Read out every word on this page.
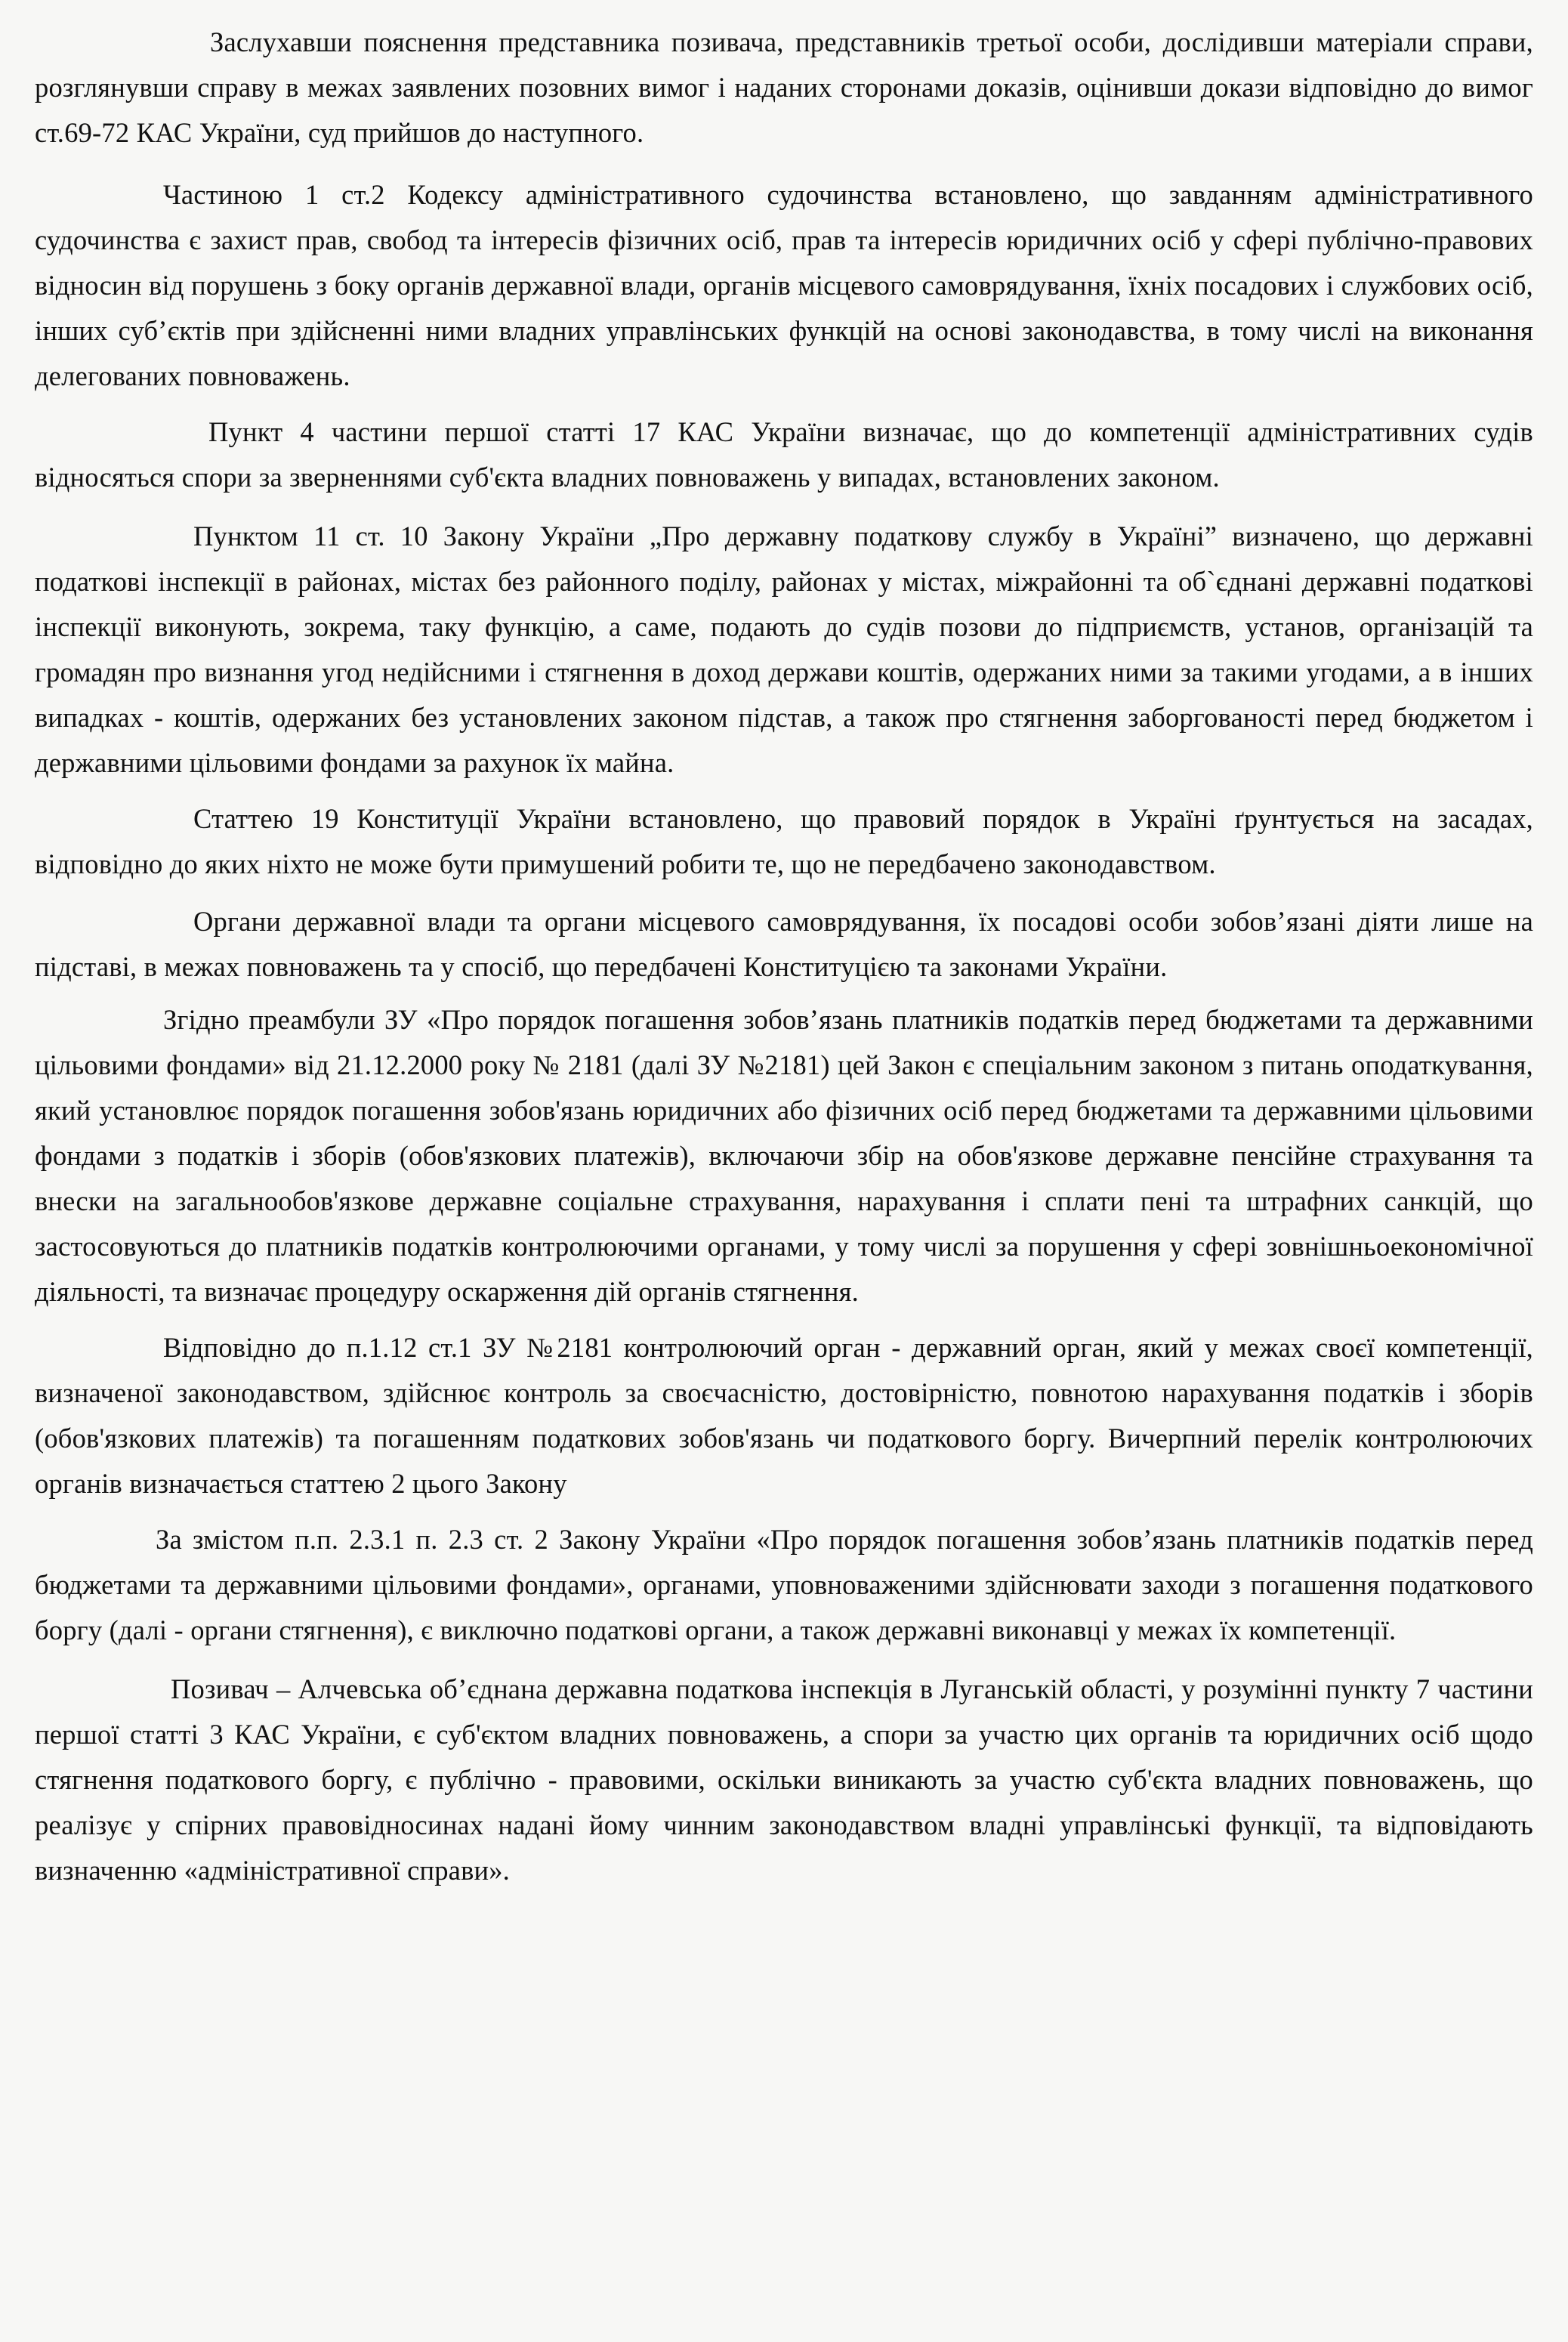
Заслухавши пояснення представника позивача, представників третьої особи, дослідивши матеріали справи, розглянувши справу в межах заявлених позовних вимог і наданих сторонами доказів, оцінивши докази відповідно до вимог ст.69-72 КАС України, суд прийшов до наступного.

Частиною 1 ст.2 Кодексу адміністративного судочинства встановлено, що завданням адміністративного судочинства є захист прав, свобод та інтересів фізичних осіб, прав та інтересів юридичних осіб у сфері публічно-правових відносин від порушень з боку органів державної влади, органів місцевого самоврядування, їхніх посадових і службових осіб, інших суб’єктів при здійсненні ними владних управлінських функцій на основі законодавства, в тому числі на виконання делегованих повноважень.

Пункт 4 частини першої статті 17 КАС України визначає, що до компетенції адміністративних судів відносяться спори за зверненнями суб'єкта владних повноважень у випадах, встановлених законом.

Пунктом 11 ст. 10 Закону України „Про державну податкову службу в Україні” визначено, що державні податкові інспекції в районах, містах без районного поділу, районах у містах, міжрайонні та об`єднані державні податкові інспекції виконують, зокрема, таку функцію, а саме, подають до судів позови до підприємств, установ, організацій та громадян про визнання угод недійсними і стягнення в доход держави коштів, одержаних ними за такими угодами, а в інших випадках - коштів, одержаних без установлених законом підстав, а також про стягнення заборгованості перед бюджетом і державними цільовими фондами за рахунок їх майна.

Статтею 19 Конституції України встановлено, що правовий порядок в Україні ґрунтується на засадах, відповідно до яких ніхто не може бути примушений робити те, що не передбачено законодавством.

Органи державної влади та органи місцевого самоврядування, їх посадові особи зобов’язані діяти лише на підставі, в межах повноважень та у спосіб, що передбачені Конституцією та законами України.

Згідно преамбули ЗУ «Про порядок погашення зобов’язань платників податків перед бюджетами та державними цільовими фондами» від 21.12.2000 року № 2181 (далі ЗУ №2181) цей Закон є спеціальним законом з питань оподаткування, який установлює порядок погашення зобов'язань юридичних або фізичних осіб перед бюджетами та державними цільовими фондами з податків і зборів (обов'язкових платежів), включаючи збір на обов'язкове державне пенсійне страхування та внески на загальнообов'язкове державне соціальне страхування, нарахування і сплати пені та штрафних санкцій, що застосовуються до платників податків контролюючими органами, у тому числі за порушення у сфері зовнішньоекономічної діяльності, та визначає процедуру оскарження дій органів стягнення.

Відповідно до п.1.12 ст.1 ЗУ №2181 контролюючий орган - державний орган, який у межах своєї компетенції, визначеної законодавством, здійснює контроль за своєчасністю, достовірністю, повнотою нарахування податків і зборів (обов'язкових платежів) та погашенням податкових зобов'язань чи податкового боргу. Вичерпний перелік контролюючих органів визначається статтею 2 цього Закону

За змістом п.п. 2.3.1 п. 2.3 ст. 2 Закону України «Про порядок погашення зобов’язань платників податків перед бюджетами та державними цільовими фондами», органами, уповноваженими здійснювати заходи з погашення податкового боргу (далі - органи стягнення), є виключно податкові органи, а також державні виконавці у межах їх компетенції.

Позивач – Алчевська об’єднана державна податкова інспекція в Луганській області, у розумінні пункту 7 частини першої статті 3 КАС України, є суб'єктом владних повноважень, а спори за участю цих органів та юридичних осіб щодо стягнення податкового боргу, є публічно - правовими, оскільки виникають за участю суб'єкта владних повноважень, що реалізує у спірних правовідносинах надані йому чинним законодавством владні управлінські функції, та відповідають визначенню «адміністративної справи».
